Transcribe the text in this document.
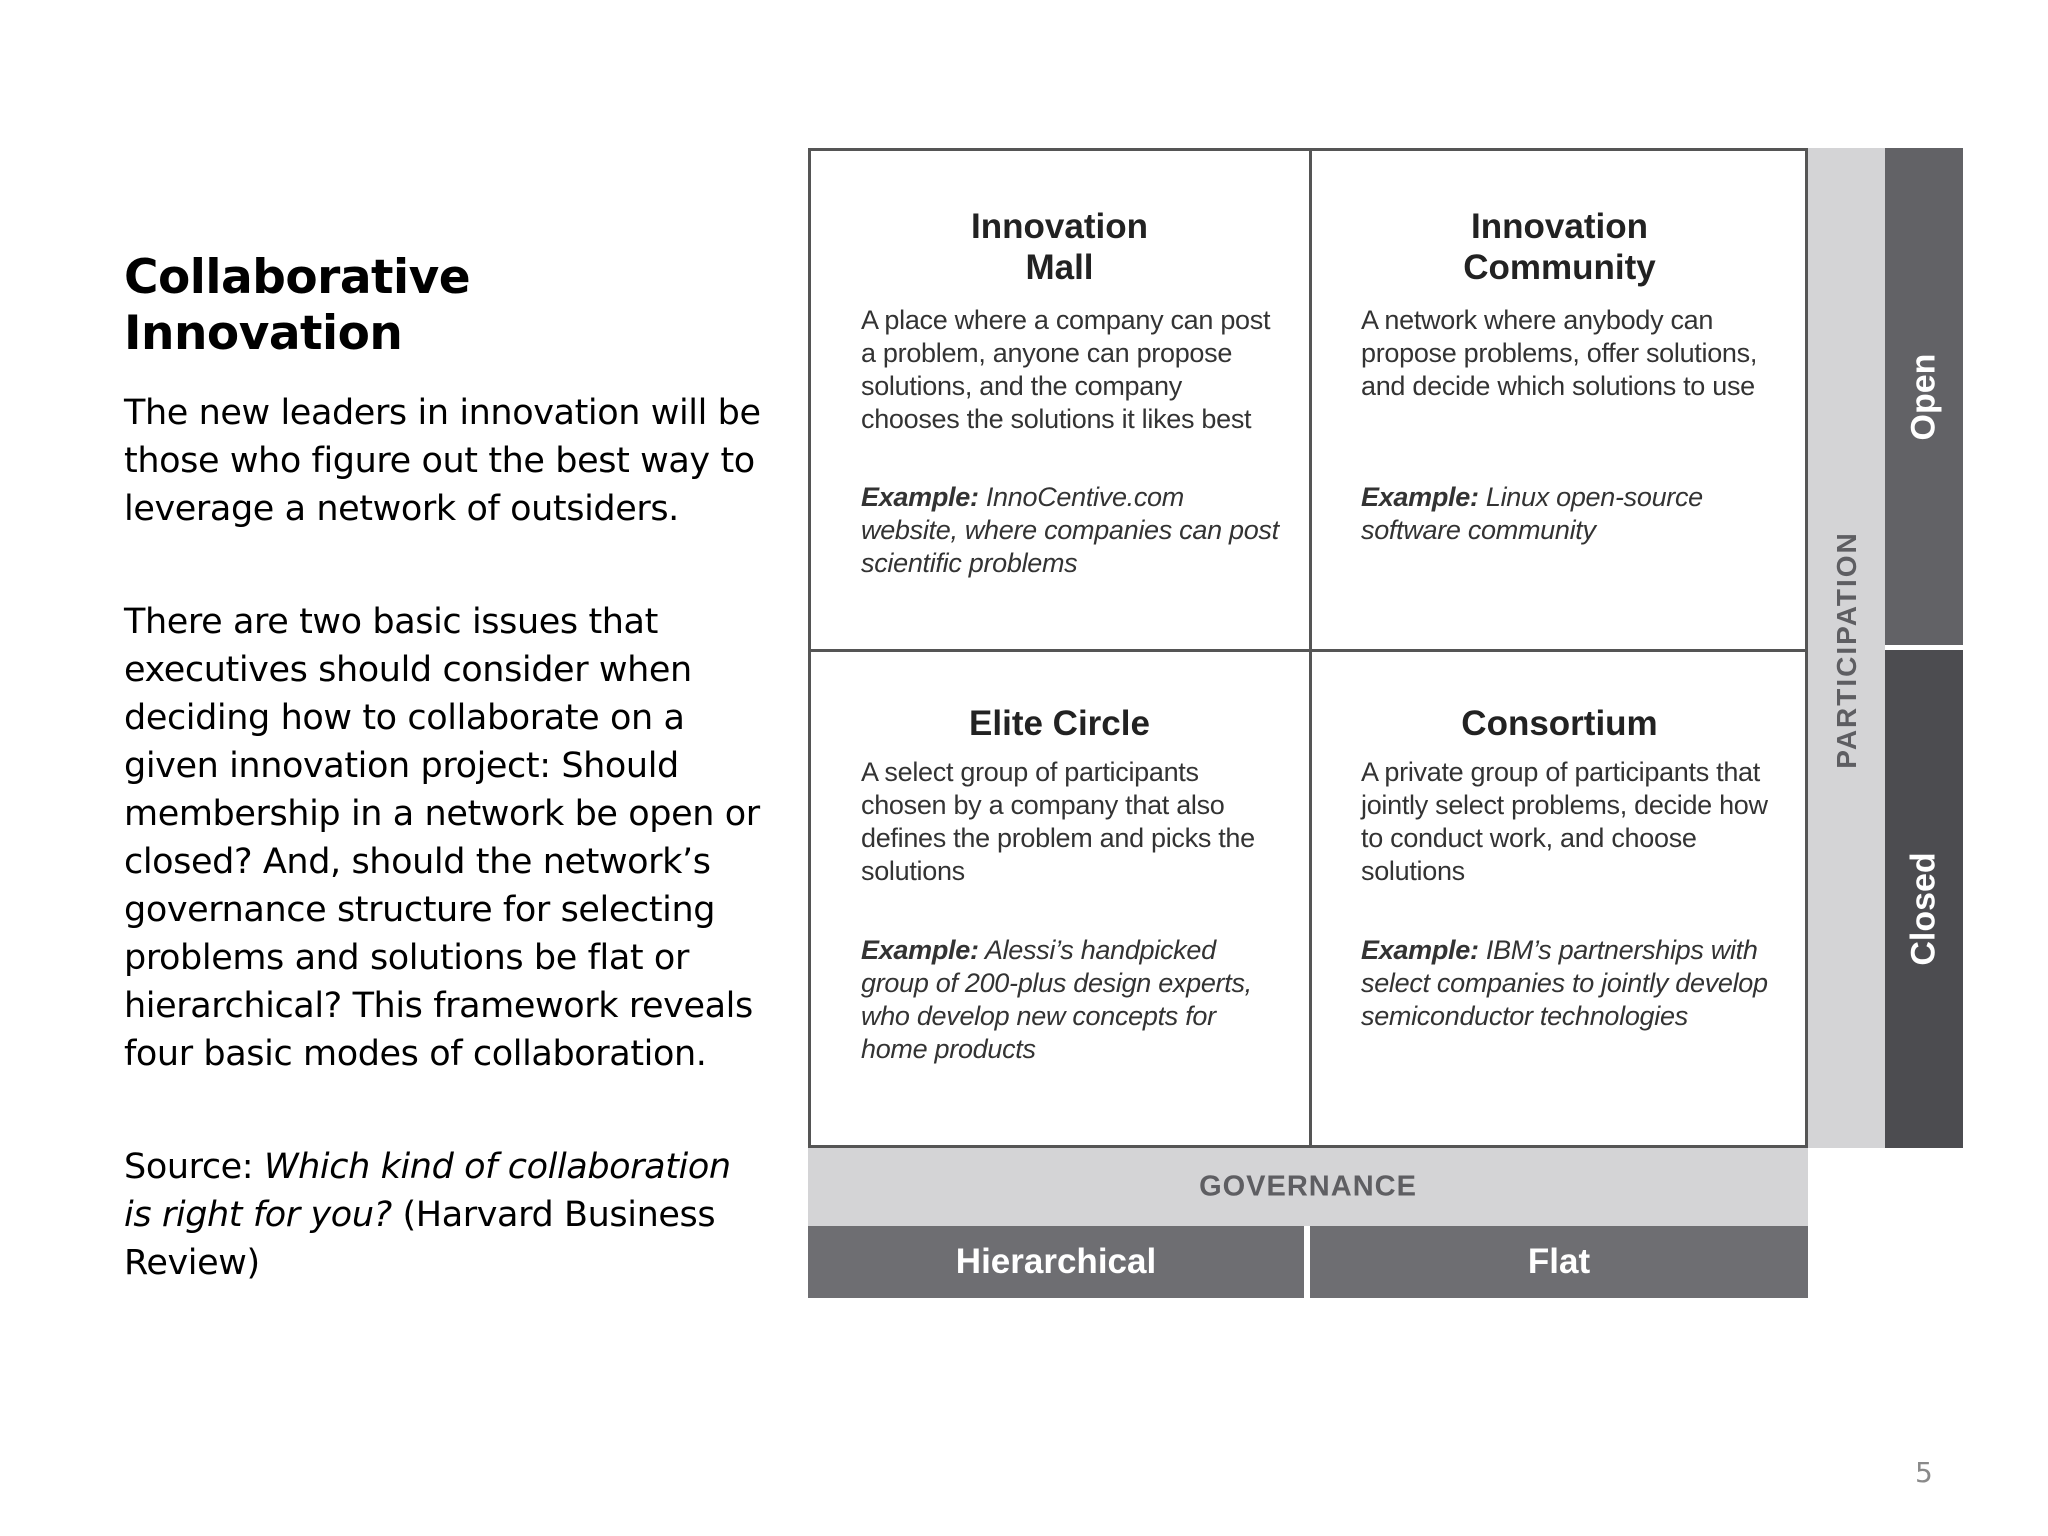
Collaborative Innovation

The new leaders in innovation will be those who figure out the best way to leverage a network of outsiders.

There are two basic issues that executives should consider when deciding how to collaborate on a given innovation project: Should membership in a network be open or closed? And, should the network’s governance structure for selecting problems and solutions be flat or hierarchical? This framework reveals four basic modes of collaboration.

Source: Which kind of collaboration is right for you? (Harvard Business Review)

Innovation
Mall
A place where a company can post a problem, anyone can propose solutions, and the company chooses the solutions it likes best
Example: InnoCentive.com website, where companies can post scientific problems
Innovation
Community
A network where anybody can propose problems, offer solutions, and decide which solutions to use
Example: Linux open-source software community
Elite Circle
A select group of participants chosen by a company that also defines the problem and picks the solutions
Example: Alessi’s handpicked group of 200-plus design experts, who develop new concepts for home products
Consortium
A private group of participants that jointly select problems, decide how to conduct work, and choose solutions
Example: IBM’s partnerships with select companies to jointly develop semiconductor technologies
PARTICIPATION
Open
Closed
GOVERNANCE
Hierarchical	Flat
5
